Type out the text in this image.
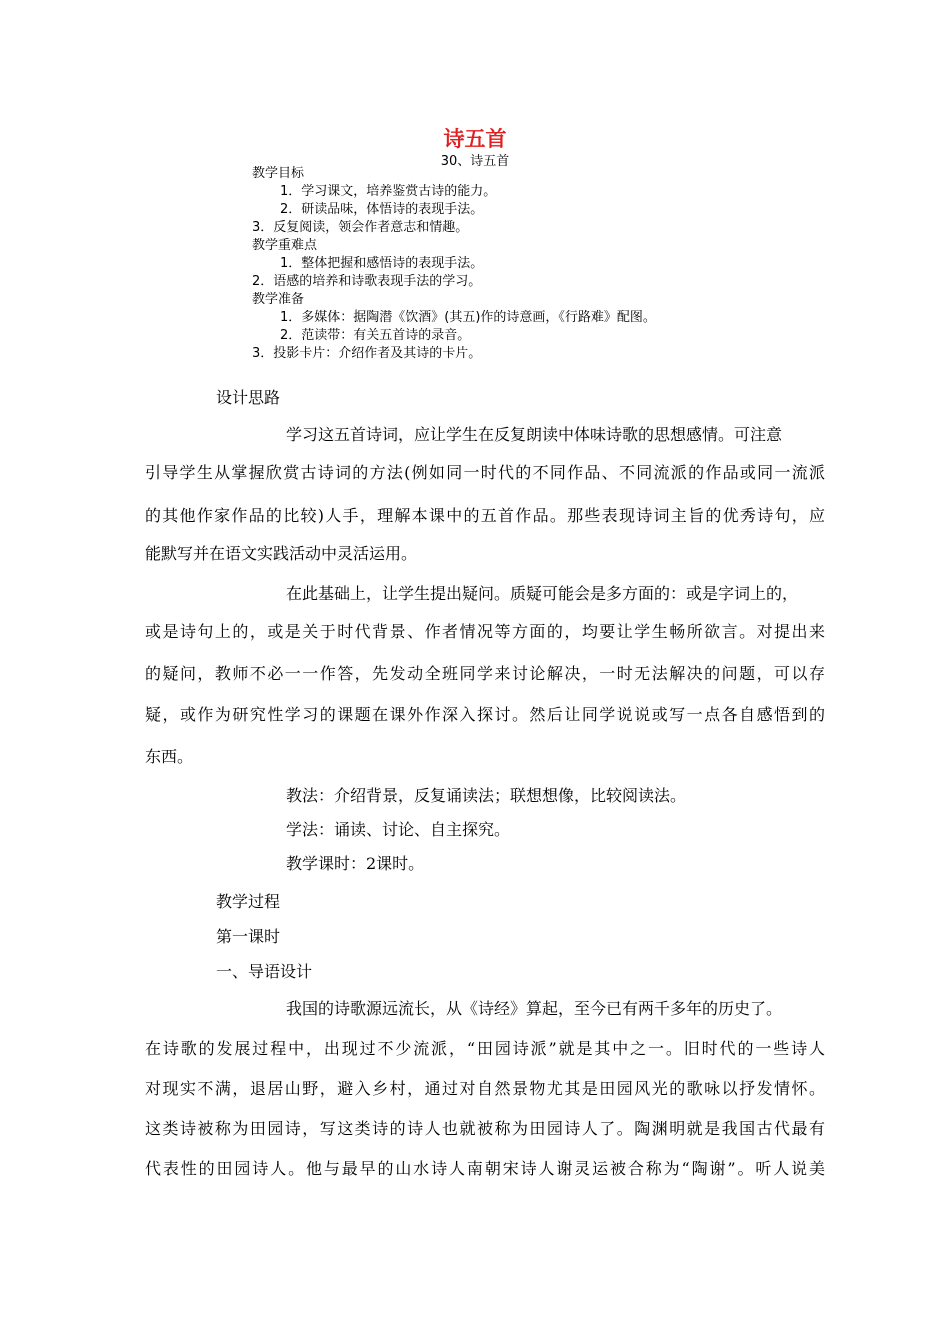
诗五首
30、诗五首
教学目标
1．学习课文，培养鉴赏古诗的能力。
2．研读品味，体悟诗的表现手法。
3．反复阅读，领会作者意志和情趣。
教学重难点
1．整体把握和感悟诗的表现手法。
2．语感的培养和诗歌表现手法的学习。
教学准备
1．多媒体：据陶潜《饮酒》(其五)作的诗意画，《行路难》配图。
2．范读带：有关五首诗的录音。
3．投影卡片：介绍作者及其诗的卡片。
设计思路
学习这五首诗词，应让学生在反复朗读中体味诗歌的思想感情。可注意
引导学生从掌握欣赏古诗词的方法(例如同一时代的不同作品、不同流派的作品或同一流派
的其他作家作品的比较)人手，理解本课中的五首作品。那些表现诗词主旨的优秀诗句，应
能默写并在语文实践活动中灵活运用。
在此基础上，让学生提出疑问。质疑可能会是多方面的：或是字词上的，
或是诗句上的，或是关于时代背景、作者情况等方面的，均要让学生畅所欲言。对提出来
的疑问，教师不必一一作答，先发动全班同学来讨论解决，一时无法解决的问题，可以存
疑，或作为研究性学习的课题在课外作深入探讨。然后让同学说说或写一点各自感悟到的
东西。
教法：介绍背景，反复诵读法；联想想像，比较阅读法。
学法：诵读、讨论、自主探究。
教学课时：2课时。
教学过程
第一课时
一、导语设计
我国的诗歌源远流长，从《诗经》算起，至今已有两千多年的历史了。
在诗歌的发展过程中，出现过不少流派，“田园诗派”就是其中之一。旧时代的一些诗人
对现实不满，退居山野，避入乡村，通过对自然景物尤其是田园风光的歌咏以抒发情怀。
这类诗被称为田园诗，写这类诗的诗人也就被称为田园诗人了。陶渊明就是我国古代最有
代表性的田园诗人。他与最早的山水诗人南朝宋诗人谢灵运被合称为“陶谢”。听人说美
